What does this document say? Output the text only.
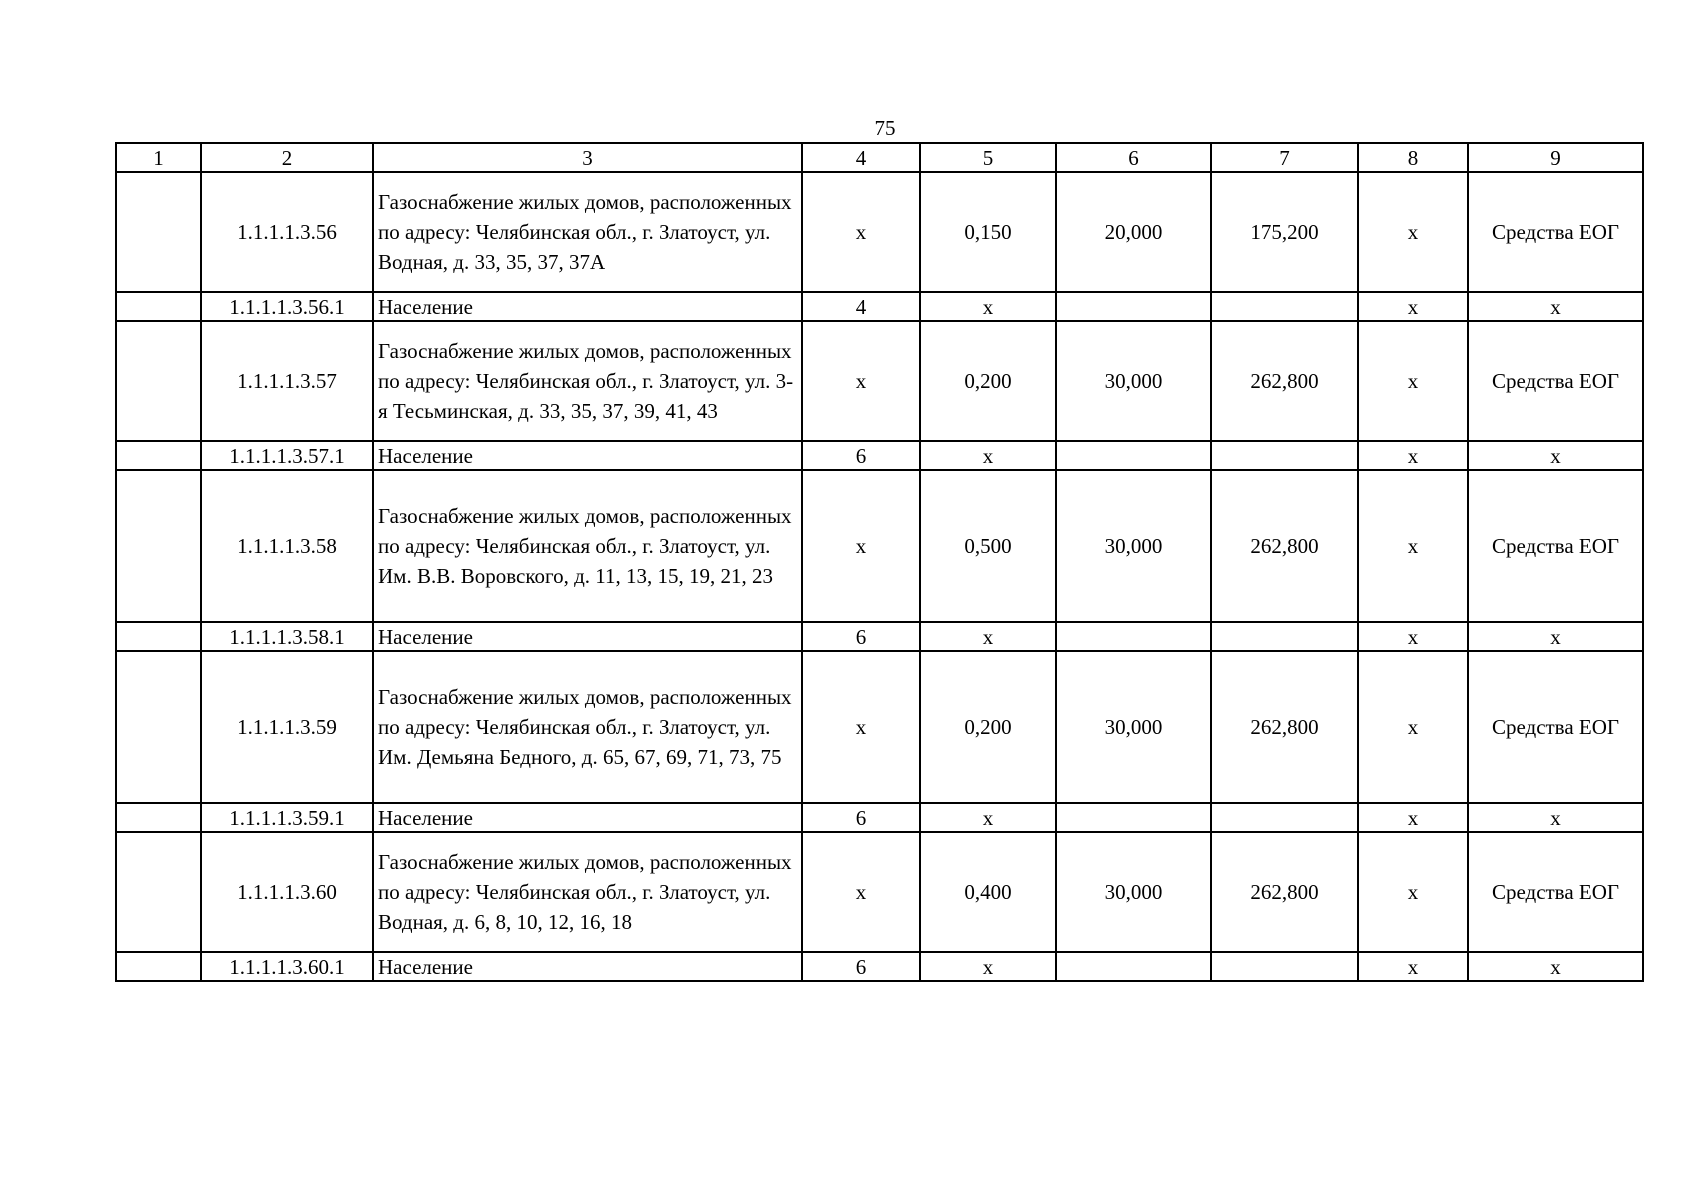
75
1	2	3	4	5	6	7	8	9
	1.1.1.1.3.56	Газоснабжение жилых домов, расположенных по адресу: Челябинская обл., г. Златоуст, ул. Водная, д. 33, 35, 37, 37А	х	0,150	20,000	175,200	х	Средства ЕОГ
	1.1.1.1.3.56.1	Население	4	х			х	х
	1.1.1.1.3.57	Газоснабжение жилых домов, расположенных по адресу: Челябинская обл., г. Златоуст, ул. 3-я Тесьминская, д. 33, 35, 37, 39, 41, 43	х	0,200	30,000	262,800	х	Средства ЕОГ
	1.1.1.1.3.57.1	Население	6	х			х	х
	1.1.1.1.3.58	Газоснабжение жилых домов, расположенных по адресу: Челябинская обл., г. Златоуст, ул. Им. В.В. Воровского, д. 11, 13, 15, 19, 21, 23	х	0,500	30,000	262,800	х	Средства ЕОГ
	1.1.1.1.3.58.1	Население	6	х			х	х
	1.1.1.1.3.59	Газоснабжение жилых домов, расположенных по адресу: Челябинская обл., г. Златоуст, ул. Им. Демьяна Бедного, д. 65, 67, 69, 71, 73, 75	х	0,200	30,000	262,800	х	Средства ЕОГ
	1.1.1.1.3.59.1	Население	6	х			х	х
	1.1.1.1.3.60	Газоснабжение жилых домов, расположенных по адресу: Челябинская обл., г. Златоуст, ул. Водная, д. 6, 8, 10, 12, 16, 18	х	0,400	30,000	262,800	х	Средства ЕОГ
	1.1.1.1.3.60.1	Население	6	х			х	х
